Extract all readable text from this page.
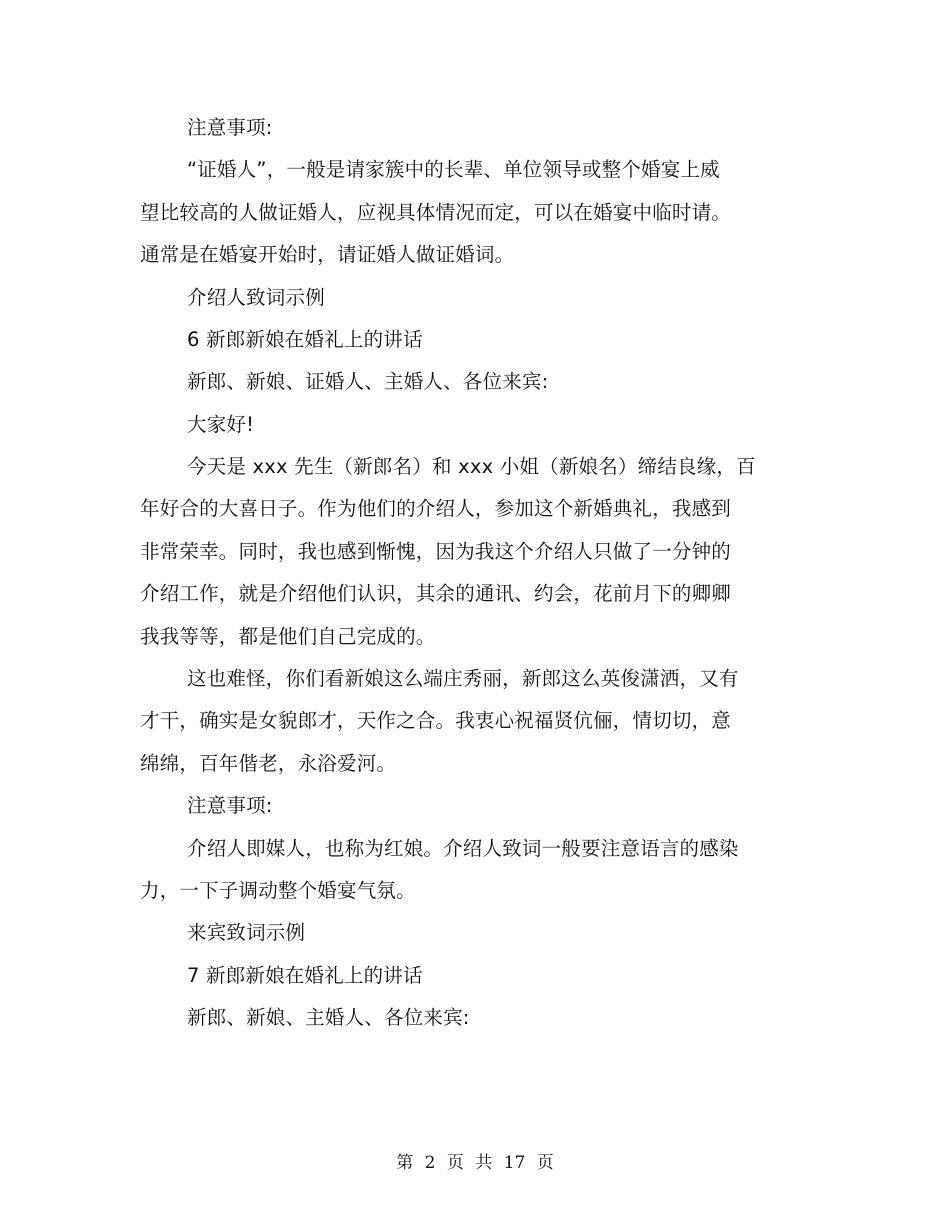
注意事项:
“证婚人”，一般是请家簇中的长辈、单位领导或整个婚宴上威
望比较高的人做证婚人，应视具体情况而定，可以在婚宴中临时请。
通常是在婚宴开始时，请证婚人做证婚词。
介绍人致词示例
6 新郎新娘在婚礼上的讲话
新郎、新娘、证婚人、主婚人、各位来宾:
大家好!
今天是 xxx 先生（新郎名）和 xxx 小姐（新娘名）缔结良缘，百
年好合的大喜日子。作为他们的介绍人，参加这个新婚典礼，我感到
非常荣幸。同时，我也感到惭愧，因为我这个介绍人只做了一分钟的
介绍工作，就是介绍他们认识，其余的通讯、约会，花前月下的卿卿
我我等等，都是他们自己完成的。
这也难怪，你们看新娘这么端庄秀丽，新郎这么英俊潇洒，又有
才干，确实是女貌郎才，天作之合。我衷心祝福贤伉俪，情切切，意
绵绵，百年偕老，永浴爱河。
注意事项:
介绍人即媒人，也称为红娘。介绍人致词一般要注意语言的感染
力，一下子调动整个婚宴气氛。
来宾致词示例
7 新郎新娘在婚礼上的讲话
新郎、新娘、主婚人、各位来宾:
第 2 页 共 17 页
